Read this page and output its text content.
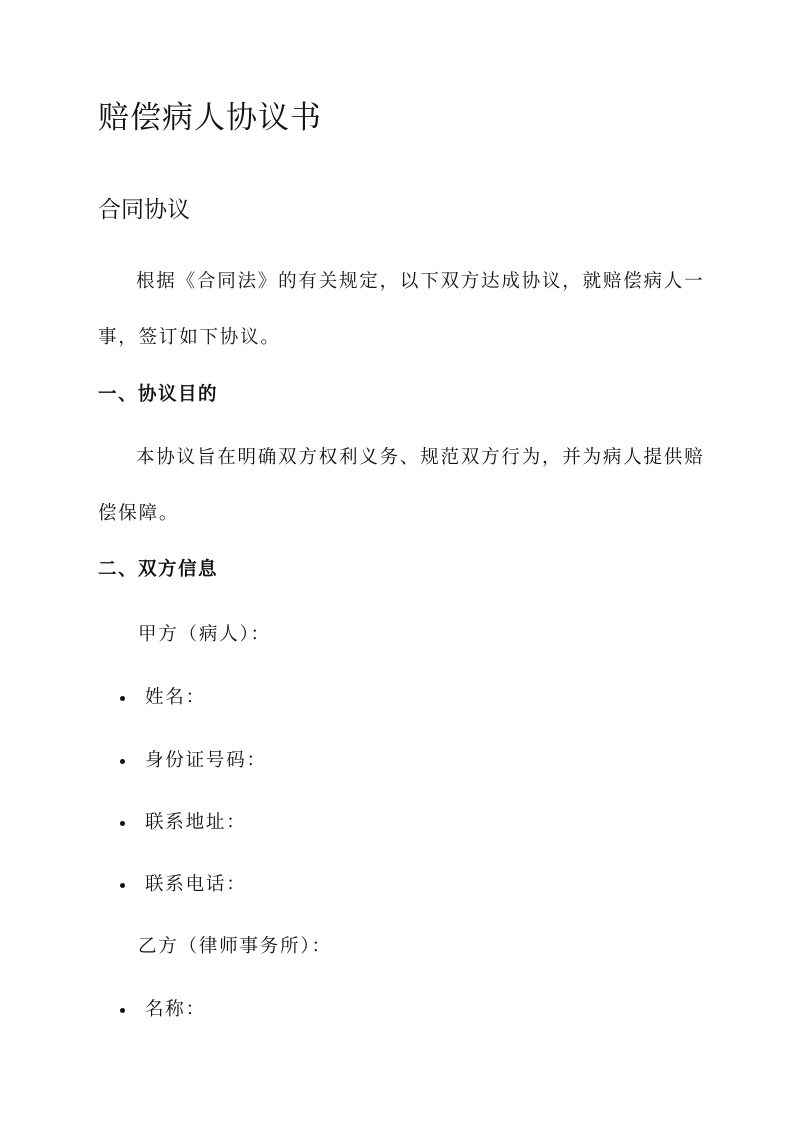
赔偿病人协议书
合同协议

根据《合同法》的有关规定，以下双方达成协议，就赔偿病人一事，签订如下协议。

一、协议目的

本协议旨在明确双方权利义务、规范双方行为，并为病人提供赔偿保障。

二、双方信息

甲方（病人）：

姓名：
身份证号码：
联系地址：
联系电话：

乙方（律师事务所）：

名称：
